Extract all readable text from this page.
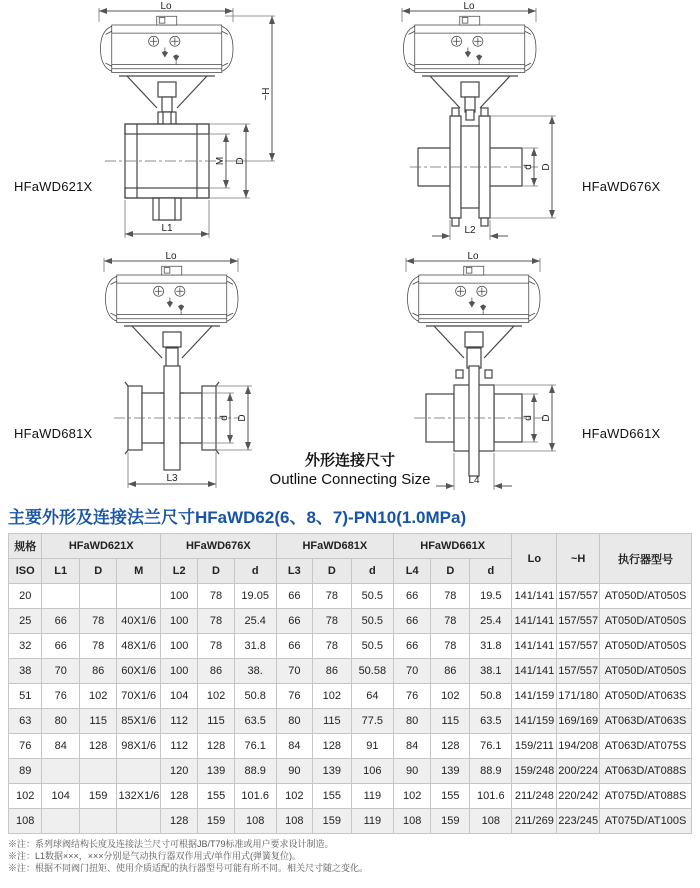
Lo
~H
M D
L1
HFaWD621X
Lo
d D
L2
HFaWD676X
Lo
d D
L3
HFaWD681X
Lo
d D
L4
HFaWD661X
外形连接尺寸
Outline Connecting Size
主要外形及连接法兰尺寸HFaWD62(6、8、7)-PN10(1.0MPa)
规格	HFaWD621X			HFaWD676X			HFaWD681X			HFaWD661X			Lo	~H	执行器型号
ISO	L1	D	M	L2	D	d	L3	D	d	L4	D	d			
20				100	78	19.05	66	78	50.5	66	78	19.5	141/141	157/557	AT050D/AT050S
25	66	78	40X1/6	100	78	25.4	66	78	50.5	66	78	25.4	141/141	157/557	AT050D/AT050S
32	66	78	48X1/6	100	78	31.8	66	78	50.5	66	78	31.8	141/141	157/557	AT050D/AT050S
38	70	86	60X1/6	100	86	38.	70	86	50.58	70	86	38.1	141/141	157/557	AT050D/AT050S
51	76	102	70X1/6	104	102	50.8	76	102	64	76	102	50.8	141/159	171/180	AT050D/AT063S
63	80	115	85X1/6	112	115	63.5	80	115	77.5	80	115	63.5	141/159	169/169	AT063D/AT063S
76	84	128	98X1/6	112	128	76.1	84	128	91	84	128	76.1	159/211	194/208	AT063D/AT075S
89				120	139	88.9	90	139	106	90	139	88.9	159/248	200/224	AT063D/AT088S
102	104	159	132X1/6	128	155	101.6	102	155	119	102	155	101.6	211/248	220/242	AT075D/AT088S
108				128	159	108	108	159	119	108	159	108	211/269	223/245	AT075D/AT100S
※注：系列球阀结构长度及连接法兰尺寸可根据JB/T79标准或用户要求设计制造。
※注：L1数据×××，×××分别是气动执行器双作用式/单作用式(弹簧复位)。
※注：根据不同阀门扭矩、使用介质适配的执行器型号可能有所不同。相关尺寸随之变化。
